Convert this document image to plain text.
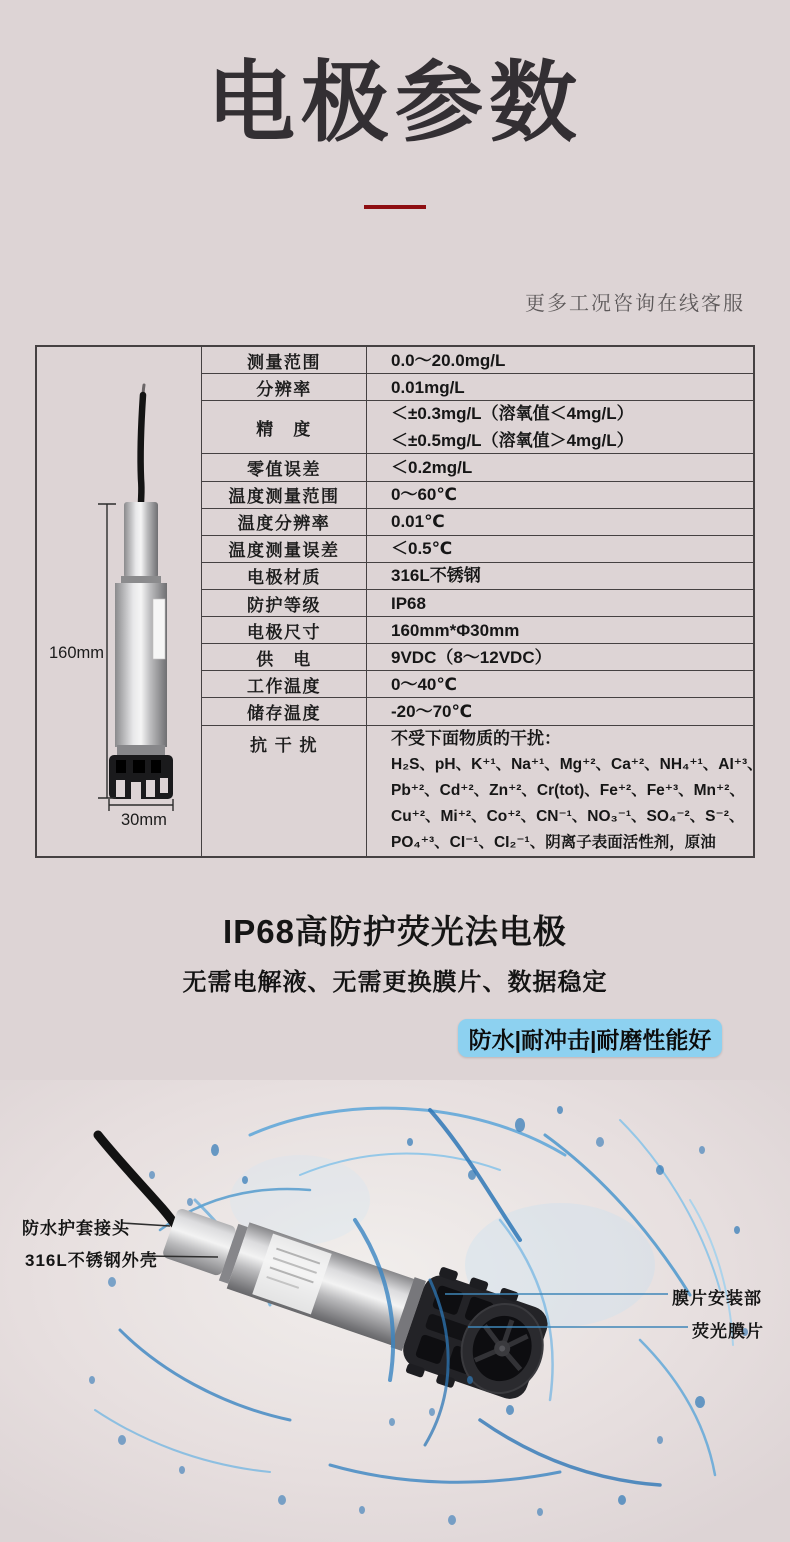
电极参数
更多工况咨询在线客服
160mm
30mm
测量范围	0.0～20.0mg/L
分辨率	0.01mg/L
精　度
＜±0.3mg/L（溶氧值＜4mg/L）
＜±0.5mg/L（溶氧值＞4mg/L）
零值误差	＜0.2mg/L
温度测量范围	0～60℃
温度分辨率	0.01℃
温度测量误差	＜0.5℃
电极材质	316L不锈钢
防护等级	IP68
电极尺寸	160mm*Φ30mm
供　电	9VDC（8～12VDC）
工作温度	0～40℃
储存温度	-20～70℃
抗 干 扰	不受下面物质的干扰：
H₂S、pH、K⁺¹、Na⁺¹、Mg⁺²、Ca⁺²、NH₄⁺¹、AI⁺³、
Pb⁺²、Cd⁺²、Zn⁺²、Cr(tot)、Fe⁺²、Fe⁺³、Mn⁺²、
Cu⁺²、Mi⁺²、Co⁺²、CN⁻¹、NO₃⁻¹、SO₄⁻²、S⁻²、
PO₄⁺³、CI⁻¹、CI₂⁻¹、阴离子表面活性剂，原油
IP68高防护荧光法电极
无需电解液、无需更换膜片、数据稳定
防水|耐冲击|耐磨性能好
防水护套接头
316L不锈钢外壳
膜片安装部
荧光膜片
